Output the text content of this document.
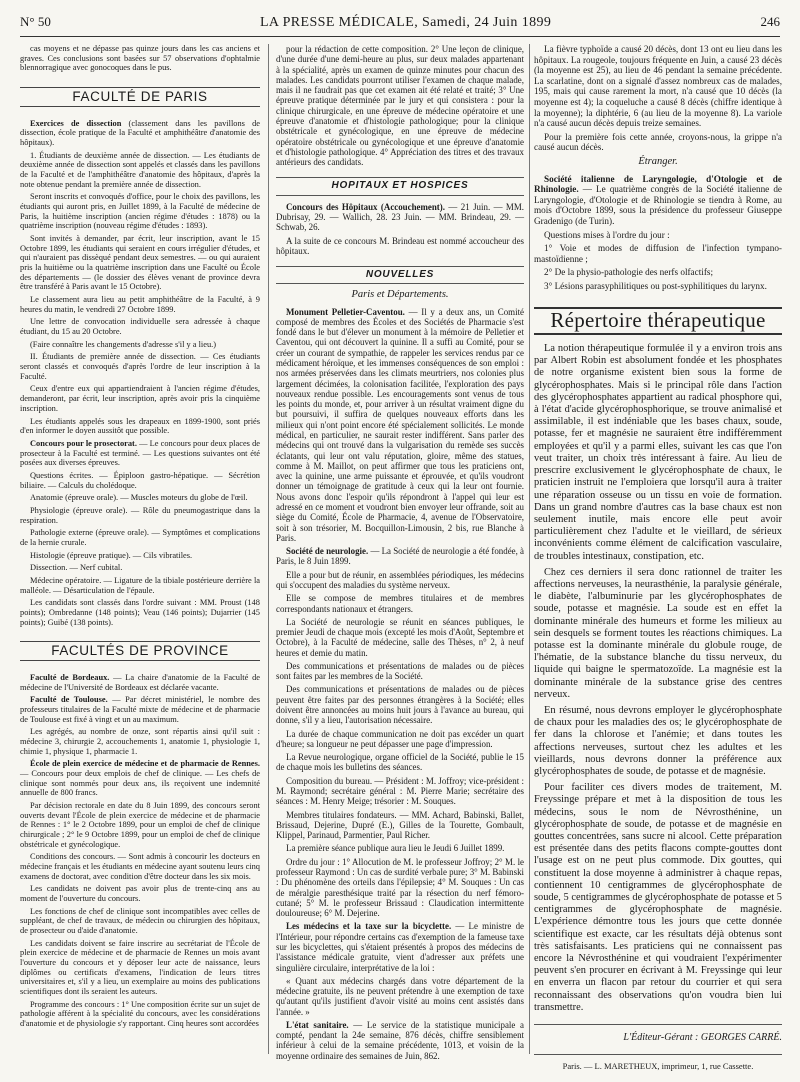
N° 50	LA PRESSE MÉDICALE, Samedi, 24 Juin 1899	246

cas moyens et ne dépasse pas quinze jours dans les cas anciens et graves. Ces conclusions sont basées sur 57 observations d'ophtalmie blennorragique avec gonocoques dans le pus.

FACULTÉ DE PARIS

Exercices de dissection (classement dans les pavillons de dissection, école pratique de la Faculté et amphithéâtre d'anatomie des hôpitaux).

1. Étudiants de deuxième année de dissection. — Les étudiants de deuxième année de dissection sont appelés et classés dans les pavillons de la Faculté et de l'amphithéâtre d'anatomie des hôpitaux, d'après la note obtenue pendant la première année de dissection.

Seront inscrits et convoqués d'office, pour le choix des pavillons, les étudiants qui auront pris, en Juillet 1899, à la Faculté de médecine de Paris, la huitième inscription (ancien régime d'études : 1878) ou la quatrième inscription (nouveau régime d'études : 1893).

Sont invités à demander, par écrit, leur inscription, avant le 15 Octobre 1899, les étudiants qui seraient en cours irrégulier d'études, et qui n'auraient pas dissèqué pendant deux semestres. — ou qui auraient pris la huitième ou la quatrième inscription dans une Faculté ou École des départements — (le dossier des élèves venant de province devra être transféré à Paris avant le 15 Octobre).

Le classement aura lieu au petit amphithéâtre de la Faculté, à 9 heures du matin, le vendredi 27 Octobre 1899.

Une lettre de convocation individuelle sera adressée à chaque étudiant, du 15 au 20 Octobre.

(Faire connaître les changements d'adresse s'il y a lieu.)

II. Étudiants de première année de dissection. — Ces étudiants seront classés et convoqués d'après l'ordre de leur inscription à la Faculté.

Ceux d'entre eux qui appartiendraient à l'ancien régime d'études, demanderont, par écrit, leur inscription, après avoir pris la cinquième inscription.

Les étudiants appelés sous les drapeaux en 1899-1900, sont priés d'en informer le doyen aussitôt que possible.

Concours pour le prosectorat. — Le concours pour deux places de prosecteur à la Faculté est terminé. — Les questions suivantes ont été posées aux diverses épreuves.

Questions écrites. — Épiploon gastro-hépatique. — Sécrétion biliaire. — Calculs du cholédoque.

Anatomie (épreuve orale). — Muscles moteurs du globe de l'œil.

Physiologie (épreuve orale). — Rôle du pneumogastrique dans la respiration.

Pathologie externe (épreuve orale). — Symptômes et complications de la hernie crurale.

Histologie (épreuve pratique). — Cils vibratiles.

Dissection. — Nerf cubital.

Médecine opératoire. — Ligature de la tibiale postérieure derrière la malléole. — Désarticulation de l'épaule.

Les candidats sont classés dans l'ordre suivant : MM. Proust (148 points); Ombredanne (148 points); Veau (146 points); Dujarrier (145 points); Guibé (138 points).

FACULTÉS DE PROVINCE

Faculté de Bordeaux. — La chaire d'anatomie de la Faculté de médecine de l'Université de Bordeaux est déclarée vacante.

Faculté de Toulouse. — Par décret ministériel, le nombre des professeurs titulaires de la Faculté mixte de médecine et de pharmacie de Toulouse est fixé à vingt et un au maximum.

Les agrégés, au nombre de onze, sont répartis ainsi qu'il suit : médecine 3, chirurgie 2, accouchements 1, anatomie 1, physiologie 1, chimie 1, physique 1, pharmacie 1.

École de plein exercice de médecine et de pharmacie de Rennes. — Concours pour deux emplois de chef de clinique. — Les chefs de clinique sont nommés pour deux ans, ils reçoivent une indemnité annuelle de 800 francs.

Par décision rectorale en date du 8 Juin 1899, des concours seront ouverts devant l'École de plein exercice de médecine et de pharmacie de Rennes : 1° le 2 Octobre 1899, pour un emploi de chef de clinique chirurgicale ; 2° le 9 Octobre 1899, pour un emploi de chef de clinique obstétricale et gynécologique.

Conditions des concours. — Sont admis à concourir les docteurs en médecine français et les étudiants en médecine ayant soutenu leurs cinq examens de doctorat, avec condition d'être docteur dans les six mois.

Les candidats ne doivent pas avoir plus de trente-cinq ans au moment de l'ouverture du concours.

Les fonctions de chef de clinique sont incompatibles avec celles de suppléant, de chef de travaux, de médecin ou chirurgien des hôpitaux, de prosecteur ou d'aide d'anatomie.

Les candidats doivent se faire inscrire au secrétariat de l'École de plein exercice de médecine et de pharmacie de Rennes un mois avant l'ouverture du concours et y déposer leur acte de naissance, leurs diplômes ou certificats d'examens, l'indication de leurs titres universitaires et, s'il y a lieu, un exemplaire au moins des publications scientifiques dont ils seraient les auteurs.

Programme des concours : 1° Une composition écrite sur un sujet de pathologie afférent à la spécialité du concours, avec les considérations d'anatomie et de physiologie s'y rapportant. Cinq heures sont accordées

pour la rédaction de cette composition. 2° Une leçon de clinique, d'une durée d'une demi-heure au plus, sur deux malades appartenant à la spécialité, après un examen de quinze minutes pour chacun des malades. Les candidats pourront utiliser l'examen de chaque malade, mais il ne faudrait pas que cet examen ait été relaté et traité; 3° Une épreuve pratique déterminée par le jury et qui consistera : pour la clinique chirurgicale, en une épreuve de médecine opératoire et une épreuve d'anatomie et d'histologie pathologique; pour la clinique obstétricale et gynécologique, en une épreuve de médecine opératoire obstétricale ou gynécologique et une épreuve d'anatomie et d'histologie pathologique. 4° Appréciation des titres et des travaux antérieurs des candidats.

HOPITAUX ET HOSPICES

Concours des Hôpitaux (Accouchement). — 21 Juin. — MM. Dubrisay, 29. — Wallich, 28. 23 Juin. — MM. Brindeau, 29. — Schwab, 26.

A la suite de ce concours M. Brindeau est nommé accoucheur des hôpitaux.

NOUVELLES
Paris et Départements.

Monument Pelletier-Caventou. — Il y a deux ans, un Comité composé de membres des Écoles et des Sociétés de Pharmacie s'est fondé dans le but d'élever un monument à la mémoire de Pelletier et Caventou, qui ont découvert la quinine. Il a suffi au Comité, pour se créer un courant de sympathie, de rappeler les services rendus par ce médicament héroïque, et les immenses conséquences de son emploi : nos armées préservées dans les climats meurtriers, nos colonies plus largement décimées, la colonisation facilitée, l'exploration des pays nouveaux rendue possible. Les encouragements sont venus de tous les points du monde, et, pour arriver à un résultat vraiment digne du but poursuivi, il suffira de quelques nouveaux efforts dans les milieux qui n'ont point encore été spécialement sollicités. Le monde médical, en particulier, ne saurait rester indifférent. Sans parler des médecins qui ont trouvé dans la vulgarisation du remède ses succès éclatants, qui leur ont valu réputation, gloire, même des statues, comme à M. Maillot, on peut affirmer que tous les praticiens ont, avec la quinine, une arme puissante et éprouvée, et qu'ils voudront donner un témoignage de gratitude à ceux qui la leur ont fournie. Nous avons donc l'espoir qu'ils répondront à l'appel qui leur est adressé en ce moment et voudront bien envoyer leur offrande, soit au siège du Comité, École de Pharmacie, 4, avenue de l'Observatoire, soit à son trésorier, M. Bocquillon-Limousin, 2 bis, rue Blanche à Paris.

Société de neurologie. — La Société de neurologie a été fondée, à Paris, le 8 Juin 1899.

Elle a pour but de réunir, en assemblées périodiques, les médecins qui s'occupent des maladies du système nerveux.

Elle se compose de membres titulaires et de membres correspondants nationaux et étrangers.

La Société de neurologie se réunit en séances publiques, le premier Jeudi de chaque mois (excepté les mois d'Août, Septembre et Octobre), à la Faculté de médecine, salle des Thèses, n° 2, à neuf heures et demie du matin.

Des communications et présentations de malades ou de pièces sont faites par les membres de la Société.

Des communications et présentations de malades ou de pièces peuvent être faites par des personnes étrangères à la Société; elles doivent être annoncées au moins huit jours à l'avance au bureau, qui donne, s'il y a lieu, l'autorisation nécessaire.

La durée de chaque communication ne doit pas excéder un quart d'heure; sa longueur ne peut dépasser une page d'impression.

La Revue neurologique, organe officiel de la Société, publie le 15 de chaque mois les bulletins des séances.

Composition du bureau. — Président : M. Joffroy; vice-président : M. Raymond; secrétaire général : M. Pierre Marie; secrétaire des séances : M. Henry Meige; trésorier : M. Souques.

Membres titulaires fondateurs. — MM. Achard, Babinski, Ballet, Brissaud, Dejerine, Dupré (E.), Gilles de la Tourette, Gombault, Klippel, Parinaud, Parmentier, Paul Richer.

La première séance publique aura lieu le Jeudi 6 Juillet 1899.

Ordre du jour : 1° Allocution de M. le professeur Joffroy; 2° M. le professeur Raymond : Un cas de surdité verbale pure; 3° M. Babinski : Du phénomène des orteils dans l'épilepsie; 4° M. Souques : Un cas de méralgie paresthésique traité par la résection du nerf fémoro-cutané; 5° M. le professeur Brissaud : Claudication intermittente douloureuse; 6° M. Dejerine.

Les médecins et la taxe sur la bicyclette. — Le ministre de l'Intérieur, pour répondre certains cas d'exemption de la fameuse taxe sur les bicyclettes, qui s'étaient présentés à propos des médecins de l'assistance médicale gratuite, vient d'adresser aux préfets une singulière circulaire, interprétative de la loi :

« Quant aux médecins chargés dans votre département de la médecine gratuite, ils ne peuvent prétendre à une exemption de taxe qu'autant qu'ils justifient d'avoir visité au moins cent assistés dans l'année. »

L'état sanitaire. — Le service de la statistique municipale a compté, pendant la 24e semaine, 876 décès, chiffre sensiblement inférieur à celui de la semaine précédente, 1013, et voisin de la moyenne ordinaire des semaines de Juin, 862.

La fièvre typhoïde a causé 20 décès, dont 13 ont eu lieu dans les hôpitaux. La rougeole, toujours fréquente en Juin, a causé 23 décès (la moyenne est 25), au lieu de 46 pendant la semaine précédente. La scarlatine, dont on a signalé d'assez nombreux cas de malades, 195, mais qui cause rarement la mort, n'a causé que 10 décès (la moyenne est 4); la coqueluche a causé 8 décès (chiffre identique à la moyenne); la diphtérie, 6 (au lieu de la moyenne 8). La variole n'a causé aucun décès depuis treize semaines.

Pour la première fois cette année, croyons-nous, la grippe n'a causé aucun décès.

Étranger.

Société italienne de Laryngologie, d'Otologie et de Rhinologie. — Le quatrième congrès de la Société italienne de Laryngologie, d'Otologie et de Rhinologie se tiendra à Rome, au mois d'Octobre 1899, sous la présidence du professeur Giuseppe Gradenigo (de Turin).

Questions mises à l'ordre du jour :

1° Voie et modes de diffusion de l'infection tympano-mastoïdienne ;

2° De la physio-pathologie des nerfs olfactifs;

3° Lésions parasyphilitiques ou post-syphilitiques du larynx.

Répertoire thérapeutique

La notion thérapeutique formulée il y a environ trois ans par Albert Robin est absolument fondée et les phosphates de notre organisme existent bien sous la forme de glycérophosphates. Mais si le principal rôle dans l'action des glycérophosphates appartient au radical phosphore qui, à l'état d'acide glycérophosphorique, se trouve animalisé et assimilable, il est indéniable que les bases chaux, soude, potasse, fer et magnésie ne sauraient être indifféremment employées et qu'il y a parmi elles, suivant les cas que l'on veut traiter, un choix très intéressant à faire. Au lieu de prescrire exclusivement le glycérophosphate de chaux, le praticien instruit ne l'emploiera que lorsqu'il aura à traiter une réparation osseuse ou un tissu en voie de formation. Dans un grand nombre d'autres cas la base chaux est non seulement inutile, mais encore elle peut avoir particulièrement chez l'adulte et le vieillard, de sérieux inconvénients comme élément de calcification vasculaire, de troubles intestinaux, constipation, etc.

Chez ces derniers il sera donc rationnel de traiter les affections nerveuses, la neurasthénie, la paralysie générale, le diabète, l'albuminurie par les glycérophosphates de soude, potasse et magnésie. La soude est en effet la dominante minérale des humeurs et forme les milieux au sein desquels se forment toutes les réactions chimiques. La potasse est la dominante minérale du globule rouge, de l'hématie, de la substance blanche du tissu nerveux, du liquide qui baigne le spermatozoïde. La magnésie est la dominante minérale de la substance grise des centres nerveux.

En résumé, nous devrons employer le glycérophosphate de chaux pour les maladies des os; le glycérophosphate de fer dans la chlorose et l'anémie; et dans toutes les affections nerveuses, surtout chez les adultes et les vieillards, nous devrons donner la préférence aux glycérophosphates de soude, de potasse et de magnésie.

Pour faciliter ces divers modes de traitement, M. Freyssinge prépare et met à la disposition de tous les médecins, sous le nom de Névrosthénine, un glycérophosphate de soude, de potasse et de magnésie en gouttes concentrées, sans sucre ni alcool. Cette préparation est présentée dans des petits flacons compte-gouttes dont l'usage est on ne peut plus commode. Dix gouttes, qui constituent la dose moyenne à administrer à chaque repas, contiennent 10 centigrammes de glycérophosphate de soude, 5 centigrammes de glycérophosphate de potasse et 5 centigrammes de glycérophosphate de magnésie. L'expérience démontre tous les jours que cette donnée scientifique est exacte, car les résultats déjà obtenus sont très satisfaisants. Les praticiens qui ne connaissent pas encore la Névrosthénine et qui voudraient l'expérimenter peuvent s'en procurer en écrivant à M. Freyssinge qui leur en enverra un flacon par retour du courrier et qui sera reconnaissant des observations qu'on voudra bien lui transmettre.

L'Éditeur-Gérant : GEORGES CARRÉ.
Paris. — L. MARETHEUX, imprimeur, 1, rue Cassette.
